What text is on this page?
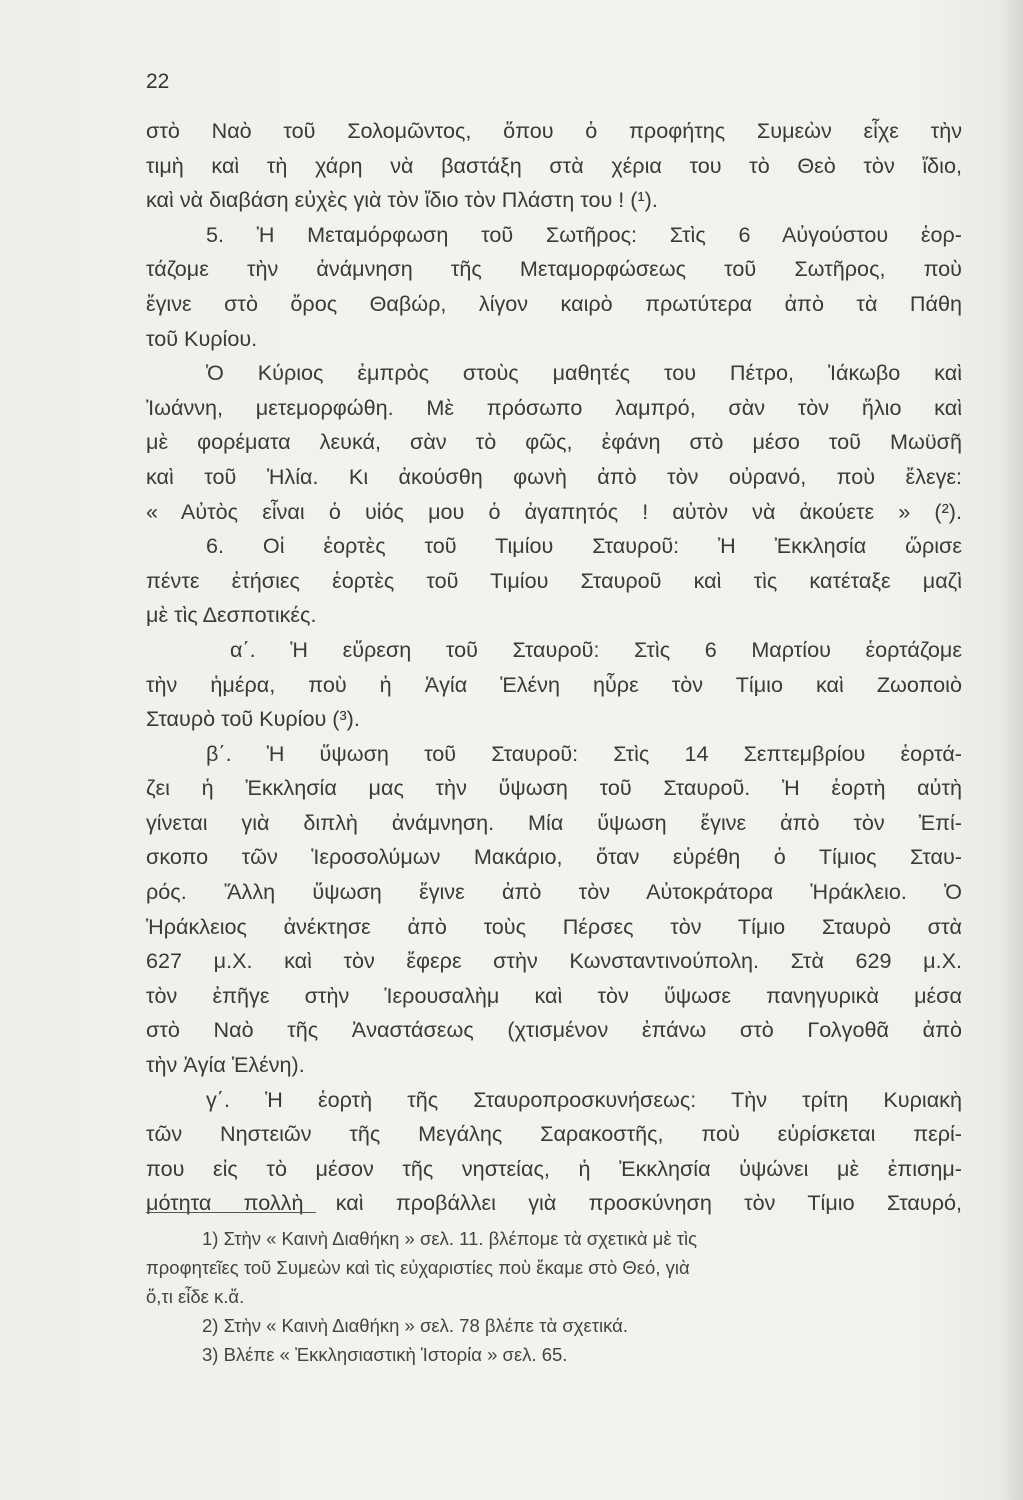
22
στὸ Ναὸ τοῦ Σολομῶντος, ὅπου ὁ προφήτης Συμεὼν εἶχε τὴν
τιμὴ καὶ τὴ χάρη νὰ βαστάξη στὰ χέρια του τὸ Θεὸ τὸν ἴδιο,
καὶ νὰ διαβάση εὐχὲς γιὰ τὸν ἴδιο τὸν Πλάστη του ! (¹).
5. Ἡ Μεταμόρφωση τοῦ Σωτῆρος: Στὶς 6 Αὐγούστου ἑορ-
τάζομε τὴν ἀνάμνηση τῆς Μεταμορφώσεως τοῦ Σωτῆρος, ποὺ
ἔγινε στὸ ὄρος Θαβώρ, λίγον καιρὸ πρωτύτερα ἀπὸ τὰ Πάθη
τοῦ Κυρίου.
Ὁ Κύριος ἐμπρὸς στοὺς μαθητές του Πέτρο, Ἰάκωβο καὶ
Ἰωάννη, μετεμορφώθη. Μὲ πρόσωπο λαμπρό, σὰν τὸν ἥλιο καὶ
μὲ φορέματα λευκά, σὰν τὸ φῶς, ἐφάνη στὸ μέσο τοῦ Μωϋσῆ
καὶ τοῦ Ἠλία. Κι ἀκούσθη φωνὴ ἀπὸ τὸν οὐρανό, ποὺ ἔλεγε:
« Αὐτὸς εἶναι ὁ υἱός μου ὁ ἀγαπητός ! αὐτὸν νὰ ἀκούετε » (²).
6. Οἱ ἑορτὲς τοῦ Τιμίου Σταυροῦ: Ἡ Ἐκκλησία ὥρισε
πέντε ἐτήσιες ἑορτὲς τοῦ Τιμίου Σταυροῦ καὶ τὶς κατέταξε μαζὶ
μὲ τὶς Δεσποτικές.
α΄. Ἡ εὕρεση τοῦ Σταυροῦ: Στὶς 6 Μαρτίου ἑορτάζομε
τὴν ἡμέρα, ποὺ ἡ Ἁγία Ἑλένη ηὗρε τὸν Τίμιο καὶ Ζωοποιὸ
Σταυρὸ τοῦ Κυρίου (³).
β΄. Ἡ ὕψωση τοῦ Σταυροῦ: Στὶς 14 Σεπτεμβρίου ἑορτά-
ζει ἡ Ἐκκλησία μας τὴν ὕψωση τοῦ Σταυροῦ. Ἡ ἑορτὴ αὐτὴ
γίνεται γιὰ διπλὴ ἀνάμνηση. Μία ὕψωση ἔγινε ἀπὸ τὸν Ἐπί-
σκοπο τῶν Ἱεροσολύμων Μακάριο, ὅταν εὑρέθη ὁ Τίμιος Σταυ-
ρός. Ἄλλη ὕψωση ἔγινε ἀπὸ τὸν Αὐτοκράτορα Ἡράκλειο. Ὁ
Ἡράκλειος ἀνέκτησε ἀπὸ τοὺς Πέρσες τὸν Τίμιο Σταυρὸ στὰ
627 μ.Χ. καὶ τὸν ἔφερε στὴν Κωνσταντινούπολη. Στὰ 629 μ.Χ.
τὸν ἐπῆγε στὴν Ἱερουσαλὴμ καὶ τὸν ὕψωσε πανηγυρικὰ μέσα
στὸ Ναὸ τῆς Ἀναστάσεως (χτισμένον ἐπάνω στὸ Γολγοθᾶ ἀπὸ
τὴν Ἁγία Ἑλένη).
γ΄. Ἡ ἑορτὴ τῆς Σταυροπροσκυνήσεως: Τὴν τρίτη Κυριακὴ
τῶν Νηστειῶν τῆς Μεγάλης Σαρακοστῆς, ποὺ εὑρίσκεται περί-
που εἰς τὸ μέσον τῆς νηστείας, ἡ Ἐκκλησία ὑψώνει μὲ ἐπισημ-
μότητα πολλὴ καὶ προβάλλει γιὰ προσκύνηση τὸν Τίμιο Σταυρό,
1) Στὴν « Καινὴ Διαθήκη » σελ. 11. βλέπομε τὰ σχετικὰ μὲ τὶς
προφητεῖες τοῦ Συμεὼν καὶ τὶς εὐχαριστίες ποὺ ἔκαμε στὸ Θεό, γιὰ
ὅ,τι εἶδε κ.ἄ.
2) Στὴν « Καινὴ Διαθήκη » σελ. 78 βλέπε τὰ σχετικά.
3) Βλέπε « Ἐκκλησιαστικὴ Ἱστορία » σελ. 65.
